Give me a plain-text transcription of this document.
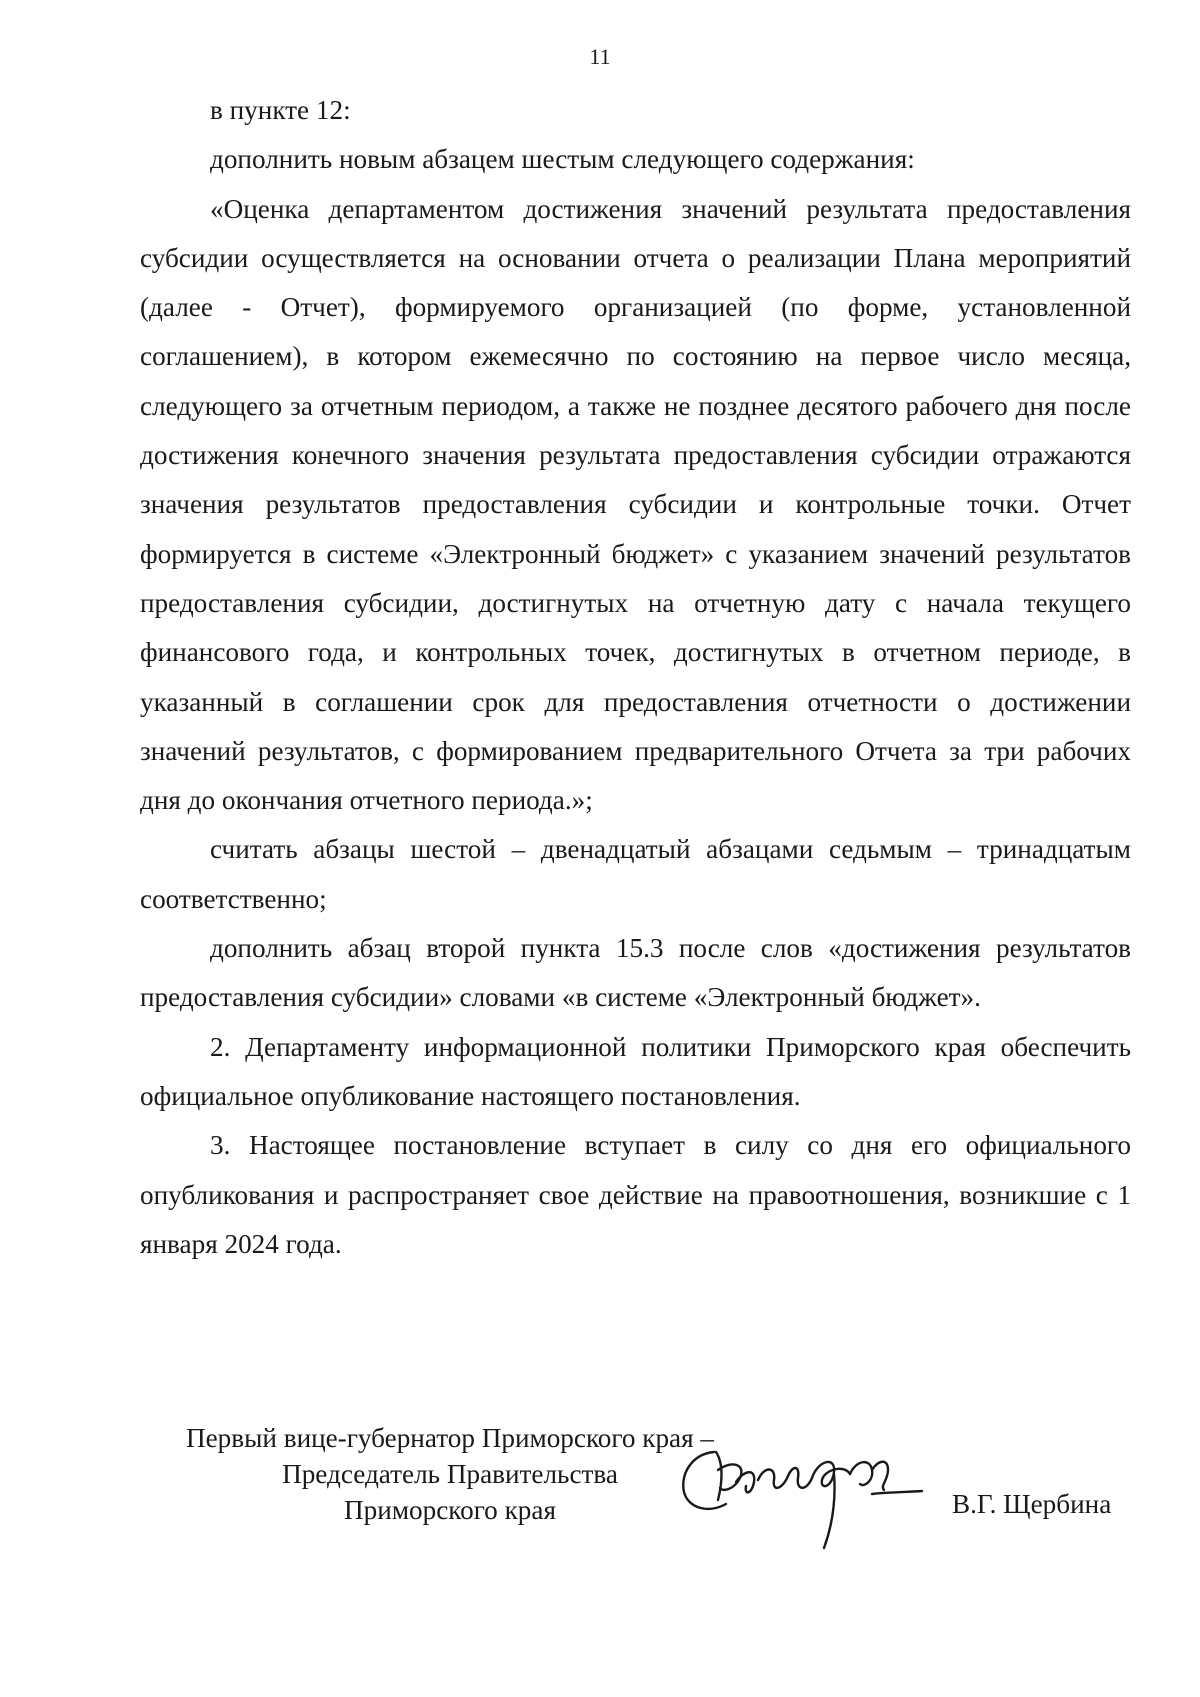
11

в пункте 12:

дополнить новым абзацем шестым следующего содержания:

«Оценка департаментом достижения значений результата предоставления субсидии осуществляется на основании отчета о реализации Плана мероприятий (далее - Отчет), формируемого организацией (по форме, установленной соглашением), в котором ежемесячно по состоянию на первое число месяца, следующего за отчетным периодом, а также не позднее десятого рабочего дня после достижения конечного значения результата предоставления субсидии отражаются значения результатов предоставления субсидии и контрольные точки. Отчет формируется в системе «Электронный бюджет» с указанием значений результатов предоставления субсидии, достигнутых на отчетную дату с начала текущего финансового года, и контрольных точек, достигнутых в отчетном периоде, в указанный в соглашении срок для предоставления отчетности о достижении значений результатов, с формированием предварительного Отчета за три рабочих дня до окончания отчетного периода.»;

считать абзацы шестой – двенадцатый абзацами седьмым – тринадцатым соответственно;

дополнить абзац второй пункта 15.3 после слов «достижения результатов предоставления субсидии» словами «в системе «Электронный бюджет».

2. Департаменту информационной политики Приморского края обеспечить официальное опубликование настоящего постановления.

3. Настоящее постановление вступает в силу со дня его официального опубликования и распространяет свое действие на правоотношения, возникшие с 1 января 2024 года.

Первый вице-губернатор Приморского края –
Председатель Правительства
Приморского края	В.Г. Щербина
